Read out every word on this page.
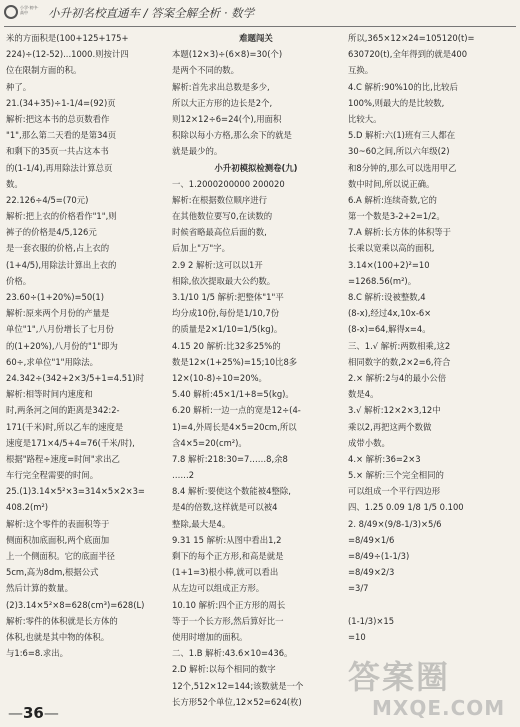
小学·初中·高中	小升初名校直通车 / 答案全解全析 · 数学
米的方面积是(100+125+175+
224)÷(12-52)...1000.则按计四
位在限制方面的积。
种了。
21.(34+35)÷1-1/4=(92)页
解析:把这本书的总页数看作
"1",那么第二天看的是第34页
和剩下的35页一共占这本书
的(1-1/4),再用除法计算总页
数。
22.126÷4/5=(70元)
解析:把上衣的价格看作"1",则
裤子的价格是4/5,126元
是一套衣服的价格,占上衣的
(1+4/5),用除法计算出上衣的
价格。
23.60÷(1+20%)=50(1)
解析:原来两个月份的产量是
单位"1",八月份增长了七月份
的(1+20%),八月份的"1"即为
60÷,求单位"1"用除法。
24.342÷(342+2×3/5+1=4.51)时
解析:相等时间内速度和
时,两条河之间的距离是342:2-
171(千米)时,所以乙车的速度是
速度是171×4/5+4=76(千米/时),
根据"路程÷速度=时间"求出乙
车行完全程需要的时间。
25.(1)3.14×5²×3=314×5×2×3=
408.2(m²)
解析:这个零件的表面积等于
侧面积加底面积,两个底面加
上一个侧面积。它的底面半径
5cm,高为8dm,根据公式
然后计算的数量。
(2)3.14×5²×8=628(cm³)=628(L)
解析:零件的体积就是长方体的
体积,也就是其中物的体积。
与1:6=8.求出。
难题闯关
本题(12×3)÷(6×8)=30(个)
是两个不同的数。
解析:首先求出总数是多少,
所以大正方形的边长是2个,
则12×12÷6=24(个),用面积
积除以每小方格,那么余下的就是
就是最少的。
小升初模拟检测卷(九)
一、1.2000200000 200020
解析:在根据数位顺序进行
在其他数位要写0,在读数的
时候省略最高位后面的数,
后加上"万"字。
2.9 2 解析:这可以以1开
相除,依次提取最大公约数。
3.1/10 1/5 解析:把整体"1"平
均分成10份,每份是1/10,7份
的质量是2×1/10=1/5(kg)。
4.15 20 解析:比32多25%的
数是12×(1+25%)=15;10比8多
12×(10-8)÷10=20%。
5.40 解析:45×1/1+8=5(kg)。
6.20 解析:一边一点的宽是12÷(4-
1)=4,外周长是4×5=20cm,所以
含4×5=20(cm²)。
7.8 解析:218:30=7……8,余8
……2
8.4 解析:要使这个数能被4整除,
是4的倍数,这样就是可以被4
整除,最大是4。
9.31 15 解析:从图中看出1,2
剩下的每个正方形,和高是就是
(1+1=3)根小棒,就可以看出
从左边可以组成正方形。
10.10 解析:四个正方形的周长
等于一个长方形,然后算好比一
使用时增加的面积。
二、1.B 解析:43.6×10=436。
2.D 解析:以每个相同的数字
12个,512×12=144;该数就是一个
长方形52个单位,12×52=624(枚)
所以,365×12×24=105120(t)=
630720(t),全年得到的就是400
互换。
4.C 解析:90%10的比,比较后
100%,则最大的是比较数,
比较大。
5.D 解析:六(1)班有三人都在
30~60之间,所以六年级(2)
和8分钟的,那么可以选用甲乙
数中时间,所以说正确。
6.A 解析:连续奇数,它的
第一个数是3-2+2=1/2。
7.A 解析:长方体的体积等于
长乘以宽乘以高的面积,
3.14×(100+2)²=10
=1268.56(m²)。
8.C 解析:设被整数,4
(8-x),经过4x,10x-6×
(8-x)=64,解得x=4。
三、1.√ 解析:两数相乘,这2
相同数字的数,2×2=6,符合
2.× 解析:2与4的最小公倍
数是4。
3.√ 解析:12×2×3,12中
乘以2,再把这两个数做
成带小数。
4.× 解析:36=2×3
5.× 解析:三个完全相同的
可以组成一个平行四边形
四、1.25 0.09 1/8 1/5 0.100
2. 8/49×(9/8-1/3)×5/6
=8/49×1/6
=8/49÷(1-1/3)
=8/49×2/3
=3/7
(1-1/3)×15
=10
—36—
答案圈
MXQE.COM
